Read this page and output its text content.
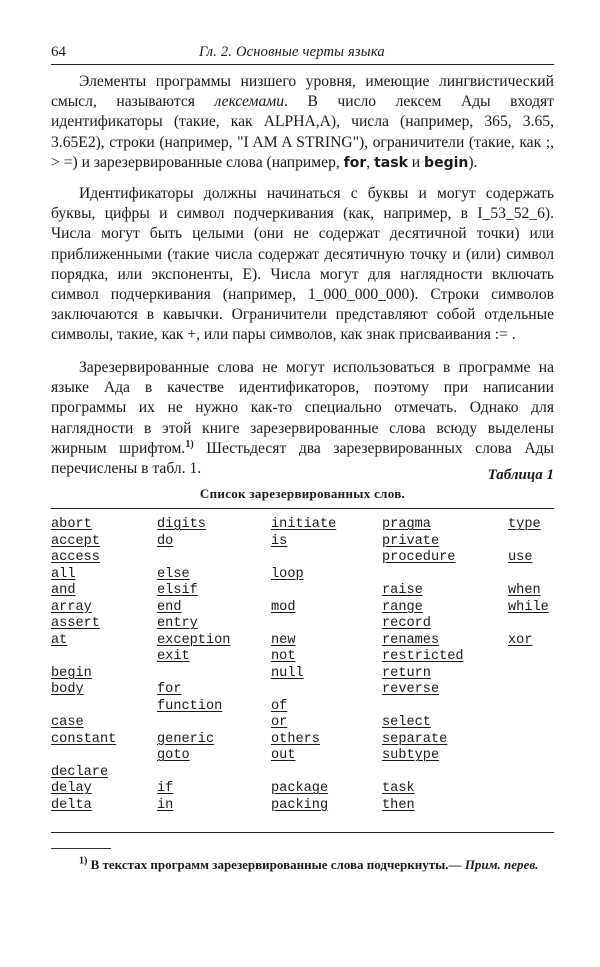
64	Гл. 2. Основные черты языка

Элементы программы низшего уровня, имеющие лингвистический смысл, называются лексемами. В число лексем Ады входят идентификаторы (такие, как ALPHA,A), числа (например, 365, 3.65, 3.65E2), строки (например, "I AM A STRING"), ограничители (такие, как ;, > =) и зарезервированные слова (например, for, task и begin).

Идентификаторы должны начинаться с буквы и могут содержать буквы, цифры и символ подчеркивания (как, например, в I_53_52_6). Числа могут быть целыми (они не содержат десятичной точки) или приближенными (такие числа содержат десятичную точку и (или) символ порядка, или экспоненты, E). Числа могут для наглядности включать символ подчеркивания (например, 1_000_000_000). Строки символов заключаются в кавычки. Ограничители представляют собой отдельные символы, такие, как +, или пары символов, как знак присваивания := .

Зарезервированные слова не могут использоваться в программе на языке Ада в качестве идентификаторов, поэтому при написании программы их не нужно как-то специально отмечать. Однако для наглядности в этой книге зарезервированные слова всюду выделены жирным шрифтом.$^{1)}$ Шестьдесят два зарезервированных слова Ады перечислены в табл. 1.	Таблица 1
Список зарезервированных слов.
abort
accept
access
all
and
array
assert
at
begin
body
case
constant
declare
delay
delta
digits
do
else
elsif
end
entry
exception
exit
for
function
generic
goto
if
in
initiate
is
loop
mod
new
not
null
of
or
others
out
package
packing
pragma
private
procedure
raise
range
record
renames
restricted
return
reverse
select
separate
subtype
task
then
type
use
when
while
xor

$^{1)}$ В текстах программ зарезервированные слова подчеркнуты.— Прим. перев.
